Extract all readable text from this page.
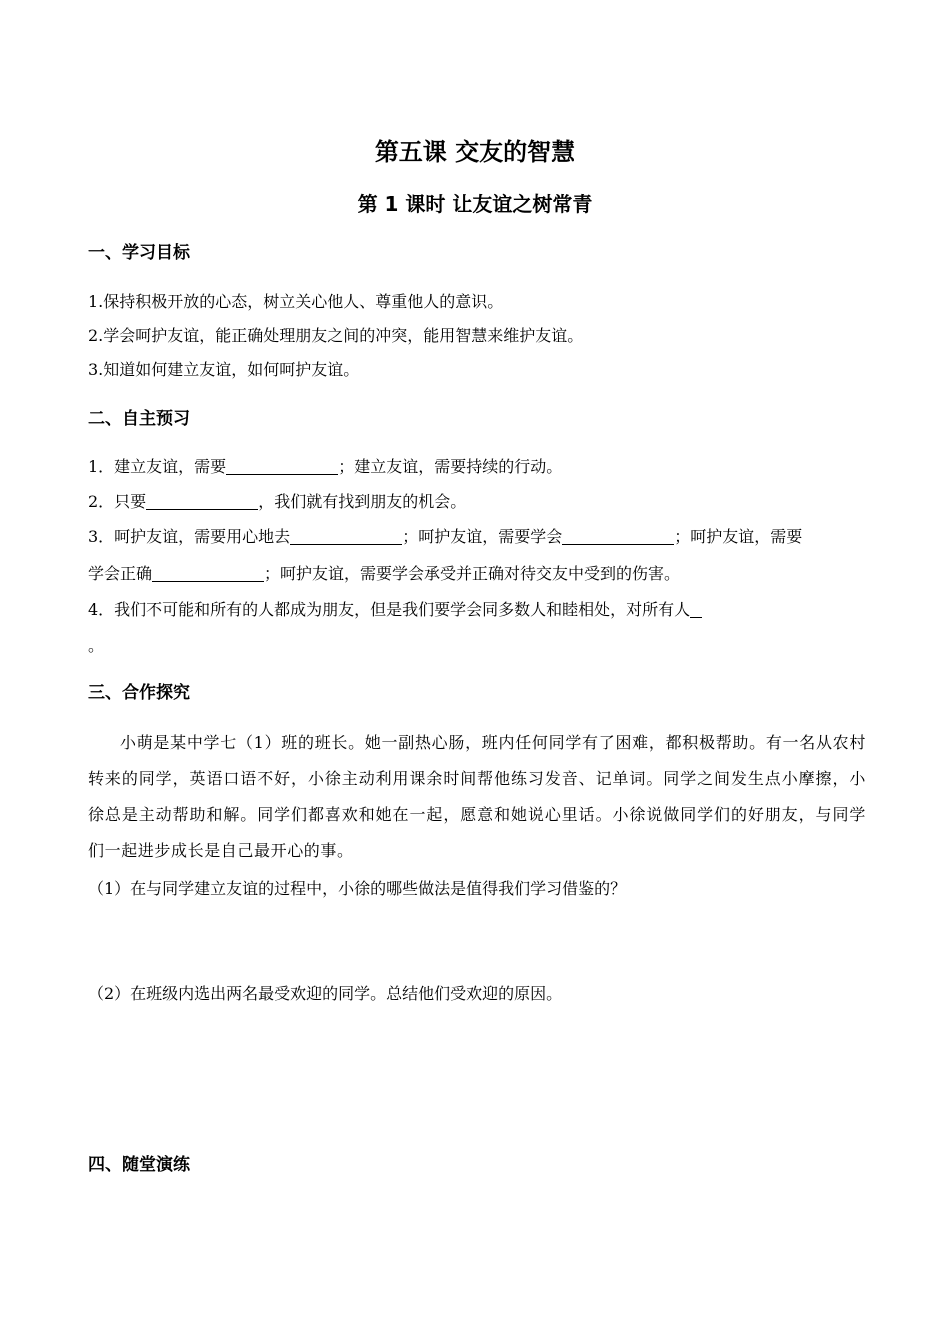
第五课 交友的智慧
第 1 课时 让友谊之树常青
一、学习目标
1.保持积极开放的心态，树立关心他人、尊重他人的意识。
2.学会呵护友谊，能正确处理朋友之间的冲突，能用智慧来维护友谊。
3.知道如何建立友谊，如何呵护友谊。
二、自主预习
1．建立友谊，需要	；建立友谊，需要持续的行动。
2．只要	，我们就有找到朋友的机会。
3．呵护友谊，需要用心地去	；呵护友谊，需要学会	；呵护友谊，需要
学会正确	；呵护友谊，需要学会承受并正确对待交友中受到的伤害。
4．我们不可能和所有的人都成为朋友，但是我们要学会同多数人和睦相处，对所有人
。
三、合作探究
小萌是某中学七（1）班的班长。她一副热心肠，班内任何同学有了困难，都积极帮助。有一名从农村转来的同学，英语口语不好，小徐主动利用课余时间帮他练习发音、记单词。同学之间发生点小摩擦，小徐总是主动帮助和解。同学们都喜欢和她在一起，愿意和她说心里话。小徐说做同学们的好朋友，与同学们一起进步成长是自己最开心的事。
（1）在与同学建立友谊的过程中，小徐的哪些做法是值得我们学习借鉴的？
（2）在班级内选出两名最受欢迎的同学。总结他们受欢迎的原因。
四、随堂演练
